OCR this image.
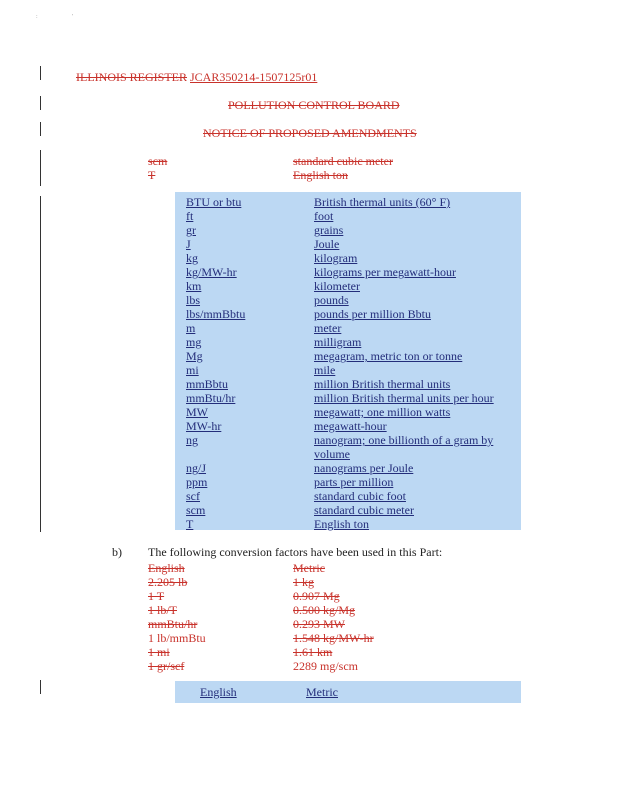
:	'
ILLINOIS REGISTER JCAR350214-1507125r01
POLLUTION CONTROL BOARD
NOTICE OF PROPOSED AMENDMENTS
scm	standard cubic meter
T	English ton
BTU or btu	British thermal units (60° F)
ft	foot
gr	grains
J	Joule
kg	kilogram
kg/MW-hr	kilograms per megawatt-hour
km	kilometer
lbs	pounds
lbs/mmBbtu	pounds per million Bbtu
m	meter
mg	milligram
Mg	megagram, metric ton or tonne
mi	mile
mmBbtu	million British thermal units
mmBtu/hr	million British thermal units per hour
MW	megawatt; one million watts
MW-hr	megawatt-hour
ng	nanogram; one billionth of a gram by
volume
ng/J	nanograms per Joule
ppm	parts per million
scf	standard cubic foot
scm	standard cubic meter
T	English ton
b) The following conversion factors have been used in this Part:
English	Metric
2.205 lb	1 kg
1 T	0.907 Mg
1 lb/T	0.500 kg/Mg
mmBtu/hr	0.293 MW
1 lb/mmBtu	1.548 kg/MW-hr
1 mi	1.61 km
1 gr/scf	2289 mg/scm
English	Metric
